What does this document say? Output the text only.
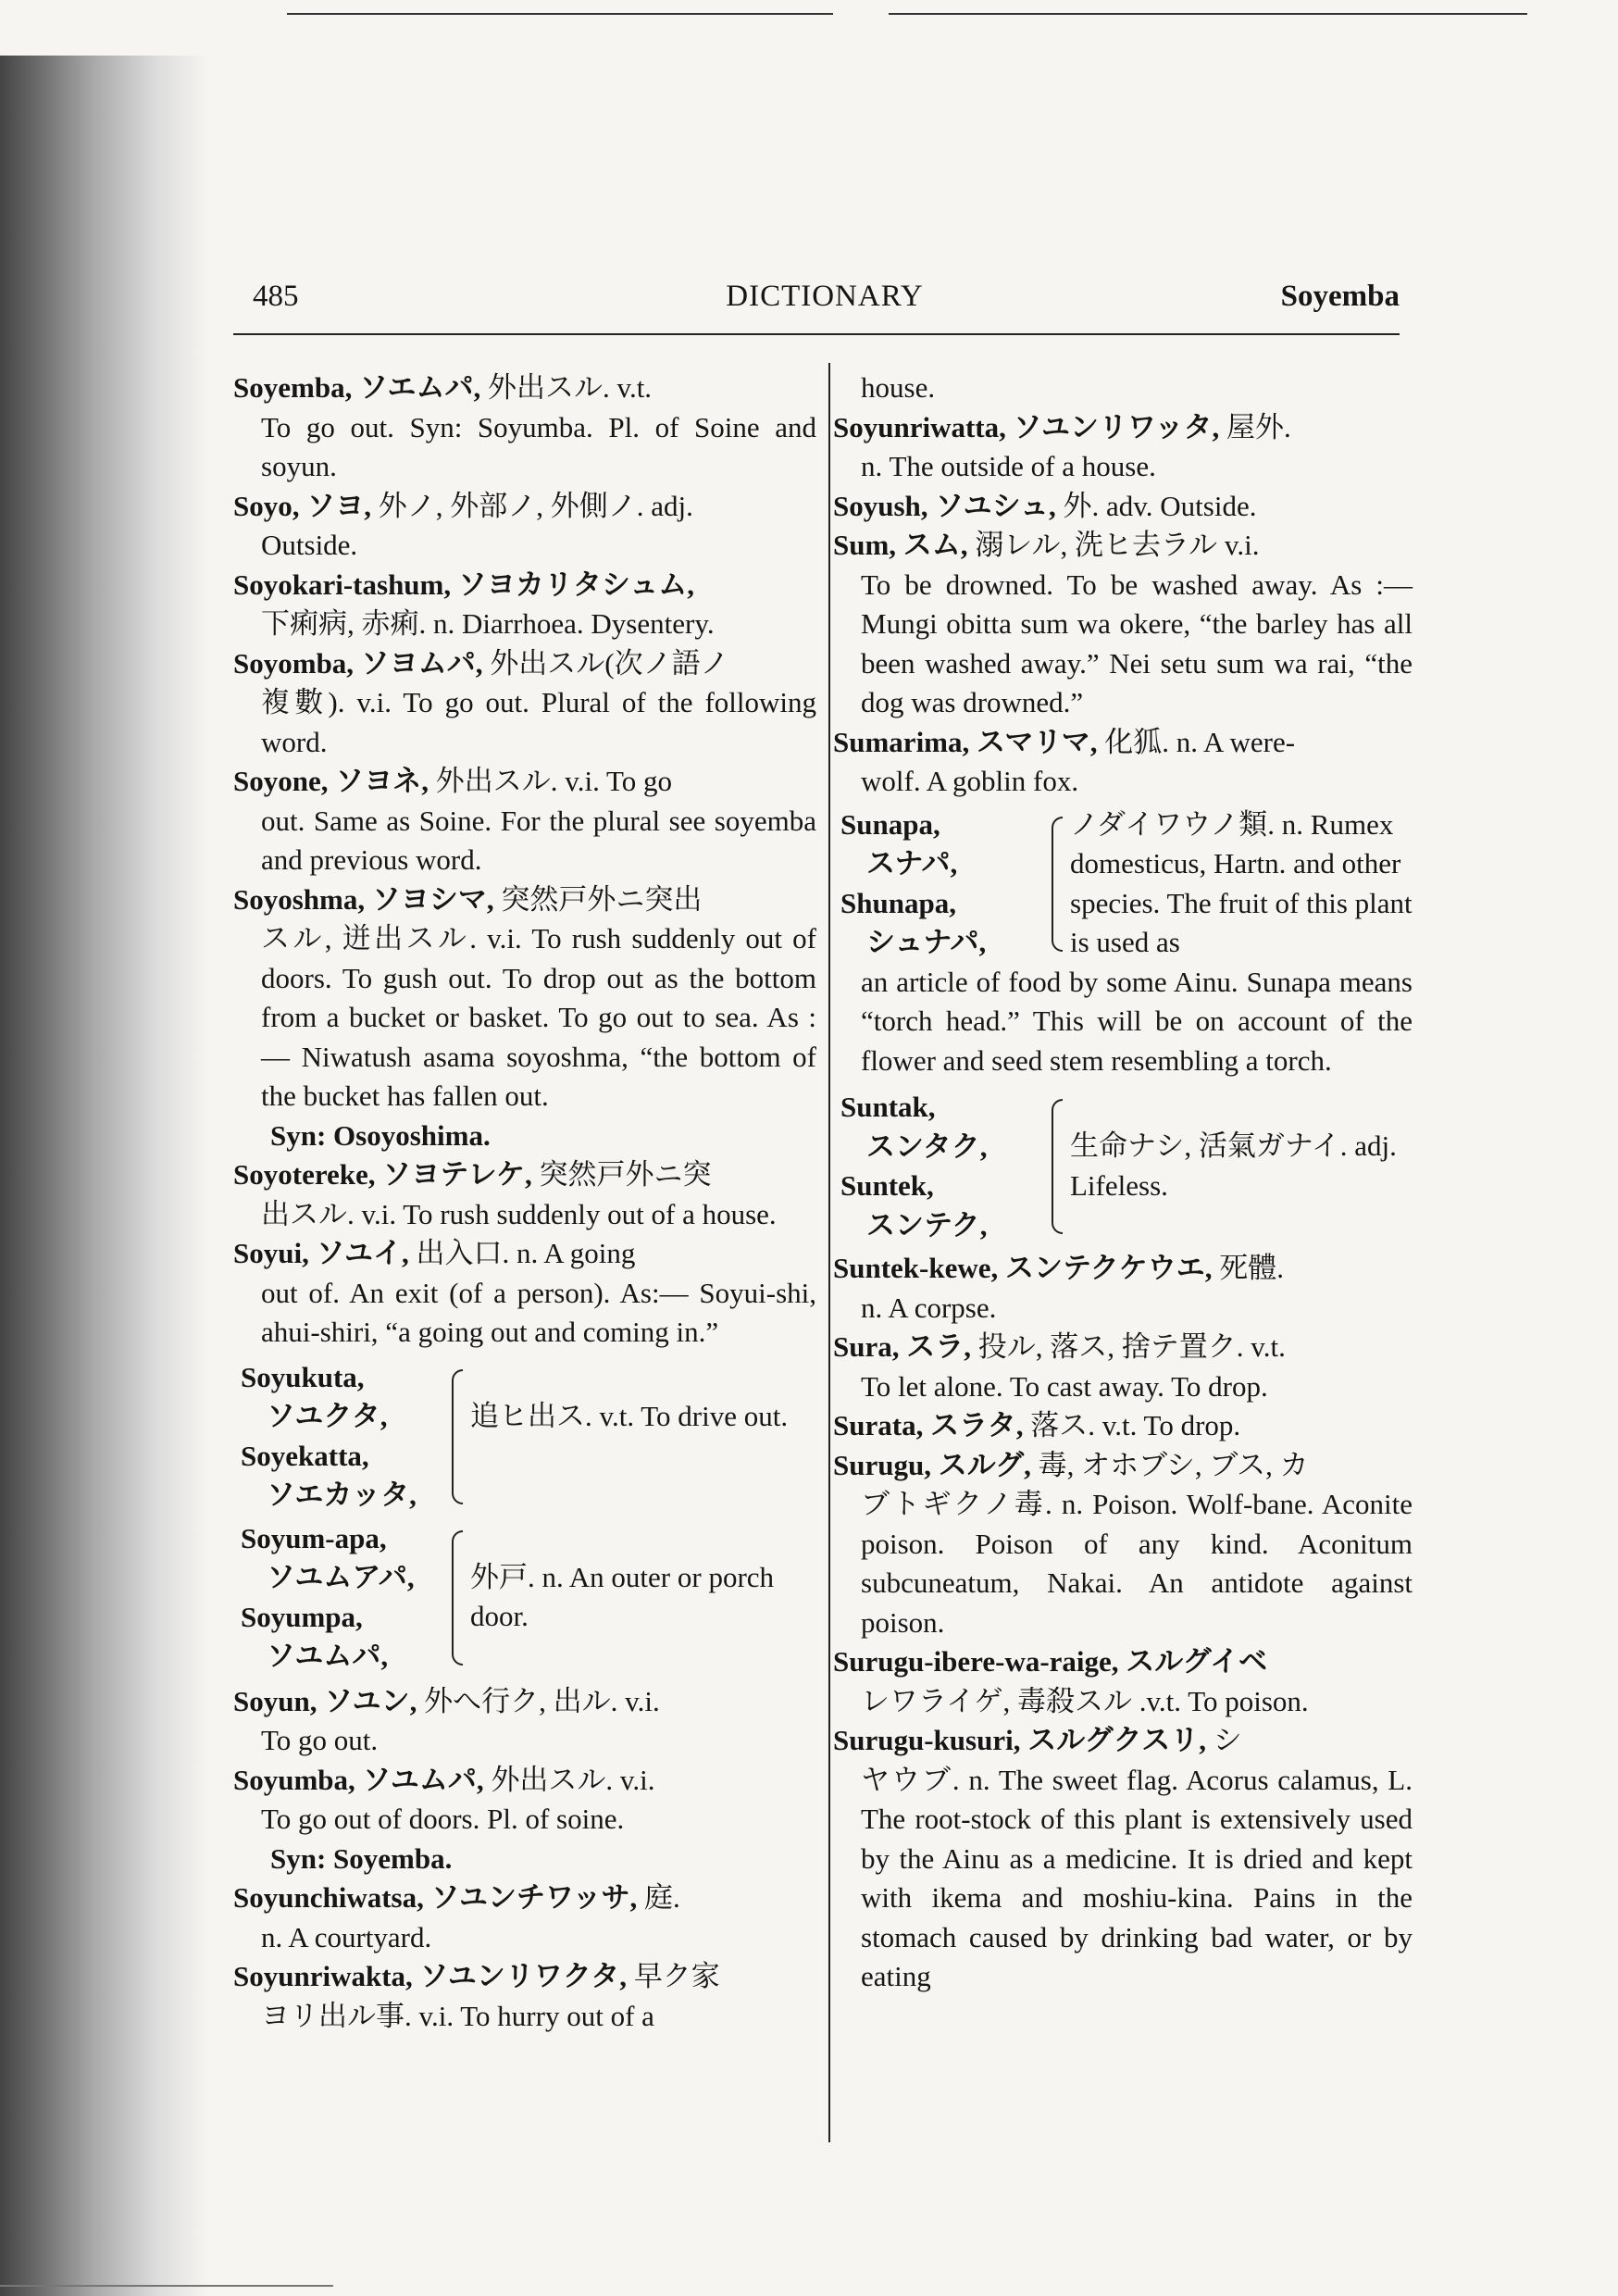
485	DICTIONARY	Soyemba
Soyemba, ソエムパ, 外出スル. v.t.
To go out. Syn: Soyumba. Pl. of Soine and soyun.
Soyo, ソヨ, 外ノ, 外部ノ, 外側ノ. adj.
Outside.
Soyokari-tashum, ソヨカリタシュム,
下痢病, 赤痢. n. Diarrhoea. Dysentery.
Soyomba, ソヨムパ, 外出スル(次ノ語ノ
複數). v.i. To go out. Plural of the following word.
Soyone, ソヨネ, 外出スル. v.i. To go
out. Same as Soine. For the plural see soyemba and previous word.
Soyoshma, ソヨシマ, 突然戸外ニ突出
スル, 迸出スル. v.i. To rush suddenly out of doors. To gush out. To drop out as the bottom from a bucket or basket. To go out to sea. As :— Niwatush asama soyoshma, “the bottom of the bucket has fallen out.
Syn: Osoyoshima.
Soyotereke, ソヨテレケ, 突然戸外ニ突
出スル. v.i. To rush suddenly out of a house.
Soyui, ソユイ, 出入口. n. A going
out of. An exit (of a person). As:— Soyui-shi, ahui-shiri, “a going out and coming in.”
Soyukuta,
ソユクタ,
Soyekatta,
ソエカッタ,
追ヒ出ス. v.t. To drive out.
Soyum-apa,
ソユムアパ,
Soyumpa,
ソユムパ,
外戸. n. An outer or porch door.
Soyun, ソユン, 外へ行ク, 出ル. v.i.
To go out.
Soyumba, ソユムパ, 外出スル. v.i.
To go out of doors. Pl. of soine.
Syn: Soyemba.
Soyunchiwatsa, ソユンチワッサ, 庭.
n. A courtyard.
Soyunriwakta, ソユンリワクタ, 早ク家
ヨリ出ル事. v.i. To hurry out of a
house.
Soyunriwatta, ソユンリワッタ, 屋外.
n. The outside of a house.
Soyush, ソユシュ, 外. adv. Outside.
Sum, スム, 溺レル, 洗ヒ去ラル v.i.
To be drowned. To be washed away. As :— Mungi obitta sum wa okere, “the barley has all been washed away.” Nei setu sum wa rai, “the dog was drowned.”
Sumarima, スマリマ, 化狐. n. A were-
wolf. A goblin fox.
Sunapa,
スナパ,
Shunapa,
シュナパ,
ノダイワウノ類. n. Rumex domesticus, Hartn. and other species. The fruit of this plant is used as
an article of food by some Ainu. Sunapa means “torch head.” This will be on account of the flower and seed stem resembling a torch.
Suntak,
スンタク,
Suntek,
スンテク,
生命ナシ, 活氣ガナイ. adj. Lifeless.
Suntek-kewe, スンテクケウエ, 死體.
n. A corpse.
Sura, スラ, 投ル, 落ス, 捨テ置ク. v.t.
To let alone. To cast away. To drop.
Surata, スラタ, 落ス. v.t. To drop.
Surugu, スルグ, 毒, オホブシ, ブス, カ
ブトギクノ毒. n. Poison. Wolf-bane. Aconite poison. Poison of any kind. Aconitum subcuneatum, Nakai. An antidote against poison.
Surugu-ibere-wa-raige, スルグイベ
レワライゲ, 毒殺スル .v.t. To poison.
Surugu-kusuri, スルグクスリ, シ
ヤウブ. n. The sweet flag. Acorus calamus, L. The root-stock of this plant is extensively used by the Ainu as a medicine. It is dried and kept with ikema and moshiu-kina. Pains in the stomach caused by drinking bad water, or by eating
